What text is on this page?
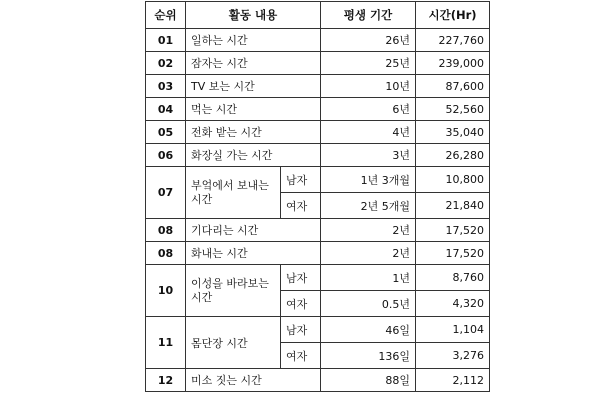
순위	활동 내용		평생 기간	시간(Hr)
01	일하는 시간		26년	227,760
02	잠자는 시간		25년	239,000
03	TV 보는 시간		10년	87,600
04	먹는 시간		6년	52,560
05	전화 받는 시간		4년	35,040
06	화장실 가는 시간		3년	26,280
07	부엌에서 보내는 시간	남자	1년 3개월	10,800
		여자	2년 5개월	21,840
08	기다리는 시간		2년	17,520
08	화내는 시간		2년	17,520
10	이성을 바라보는 시간	남자	1년	8,760
		여자	0.5년	4,320
11	몸단장 시간	남자	46일	1,104
		여자	136일	3,276
12	미소 짓는 시간		88일	2,112
